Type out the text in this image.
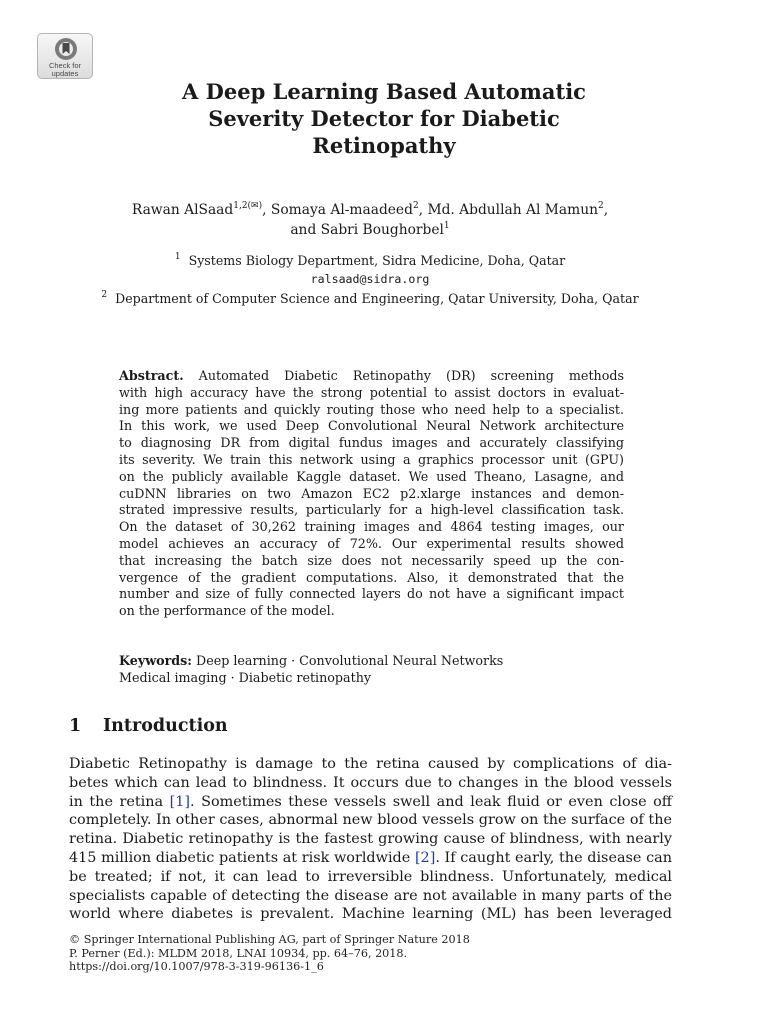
Check for
updates
A Deep Learning Based Automatic
Severity Detector for Diabetic
Retinopathy
Rawan AlSaad$^{1,2(✉)}$, Somaya Al-maadeed$^2$, Md. Abdullah Al Mamun$^2$,
and Sabri Boughorbel$^1$
$^1$ Systems Biology Department, Sidra Medicine, Doha, Qatar
ralsaad@sidra.org
$^2$ Department of Computer Science and Engineering, Qatar University, Doha, Qatar
Abstract. Automated Diabetic Retinopathy (DR) screening methods
with high accuracy have the strong potential to assist doctors in evaluat-
ing more patients and quickly routing those who need help to a specialist.
In this work, we used Deep Convolutional Neural Network architecture
to diagnosing DR from digital fundus images and accurately classifying
its severity. We train this network using a graphics processor unit (GPU)
on the publicly available Kaggle dataset. We used Theano, Lasagne, and
cuDNN libraries on two Amazon EC2 p2.xlarge instances and demon-
strated impressive results, particularly for a high-level classification task.
On the dataset of 30,262 training images and 4864 testing images, our
model achieves an accuracy of 72%. Our experimental results showed
that increasing the batch size does not necessarily speed up the con-
vergence of the gradient computations. Also, it demonstrated that the
number and size of fully connected layers do not have a significant impact
on the performance of the model.
Keywords: Deep learning · Convolutional Neural Networks
Medical imaging · Diabetic retinopathy
1 Introduction
Diabetic Retinopathy is damage to the retina caused by complications of dia-
betes which can lead to blindness. It occurs due to changes in the blood vessels
in the retina [1]. Sometimes these vessels swell and leak fluid or even close off
completely. In other cases, abnormal new blood vessels grow on the surface of the
retina. Diabetic retinopathy is the fastest growing cause of blindness, with nearly
415 million diabetic patients at risk worldwide [2]. If caught early, the disease can
be treated; if not, it can lead to irreversible blindness. Unfortunately, medical
specialists capable of detecting the disease are not available in many parts of the
world where diabetes is prevalent. Machine learning (ML) has been leveraged
© Springer International Publishing AG, part of Springer Nature 2018
P. Perner (Ed.): MLDM 2018, LNAI 10934, pp. 64–76, 2018.
https://doi.org/10.1007/978-3-319-96136-1_6
